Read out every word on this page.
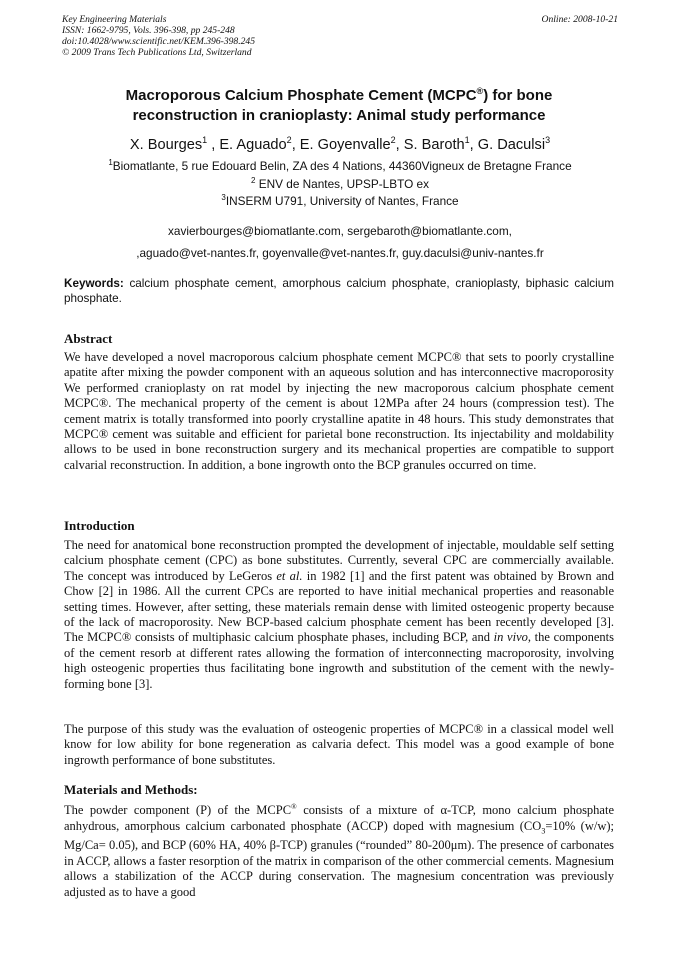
Key Engineering Materials
ISSN: 1662-9795, Vols. 396-398, pp 245-248
doi:10.4028/www.scientific.net/KEM.396-398.245
© 2009 Trans Tech Publications Ltd, Switzerland
Online: 2008-10-21
Macroporous Calcium Phosphate Cement (MCPC®) for bone
reconstruction in cranioplasty: Animal study performance
X. Bourges$^1$ , E. Aguado$^2$, E. Goyenvalle$^2$, S. Baroth$^1$, G. Daculsi$^3$
$^1$Biomatlante, 5 rue Edouard Belin, ZA des 4 Nations, 44360Vigneux de Bretagne France
$^2$ ENV de Nantes, UPSP-LBTO ex
$^3$INSERM U791, University of Nantes, France
xavierbourges@biomatlante.com, sergebaroth@biomatlante.com,
,aguado@vet-nantes.fr, goyenvalle@vet-nantes.fr, guy.daculsi@univ-nantes.fr
Keywords: calcium phosphate cement, amorphous calcium phosphate, cranioplasty, biphasic calcium phosphate.
Abstract
We have developed a novel macroporous calcium phosphate cement MCPC® that sets to poorly crystalline apatite after mixing the powder component with an aqueous solution and has interconnective macroporosity We performed cranioplasty on rat model by injecting the new macroporous calcium phosphate cement MCPC®. The mechanical property of the cement is about 12MPa after 24 hours (compression test). The cement matrix is totally transformed into poorly crystalline apatite in 48 hours. This study demonstrates that MCPC® cement was suitable and efficient for parietal bone reconstruction. Its injectability and moldability allows to be used in bone reconstruction surgery and its mechanical properties are compatible to support calvarial reconstruction. In addition, a bone ingrowth onto the BCP granules occurred on time.
Introduction
The need for anatomical bone reconstruction prompted the development of injectable, mouldable self setting calcium phosphate cement (CPC) as bone substitutes. Currently, several CPC are commercially available. The concept was introduced by LeGeros et al. in 1982 [1] and the first patent was obtained by Brown and Chow [2] in 1986. All the current CPCs are reported to have initial mechanical properties and reasonable setting times. However, after setting, these materials remain dense with limited osteogenic property because of the lack of macroporosity. New BCP-based calcium phosphate cement has been recently developed [3]. The MCPC® consists of multiphasic calcium phosphate phases, including BCP, and in vivo, the components of the cement resorb at different rates allowing the formation of interconnecting macroporosity, involving high osteogenic properties thus facilitating bone ingrowth and substitution of the cement with the newly-forming bone [3].
The purpose of this study was the evaluation of osteogenic properties of MCPC® in a classical model well know for low ability for bone regeneration as calvaria defect. This model was a good example of bone ingrowth performance of bone substitutes.
Materials and Methods:
The powder component (P) of the MCPC® consists of a mixture of α-TCP, mono calcium phosphate anhydrous, amorphous calcium carbonated phosphate (ACCP) doped with magnesium ($CO_3=10\%$ (w/w); Mg/Ca= 0.05), and BCP (60% HA, 40% β-TCP) granules (“rounded” 80-200μm). The presence of carbonates in ACCP, allows a faster resorption of the matrix in comparison of the other commercial cements. Magnesium allows a stabilization of the ACCP during conservation. The magnesium concentration was previously adjusted as to have a good
